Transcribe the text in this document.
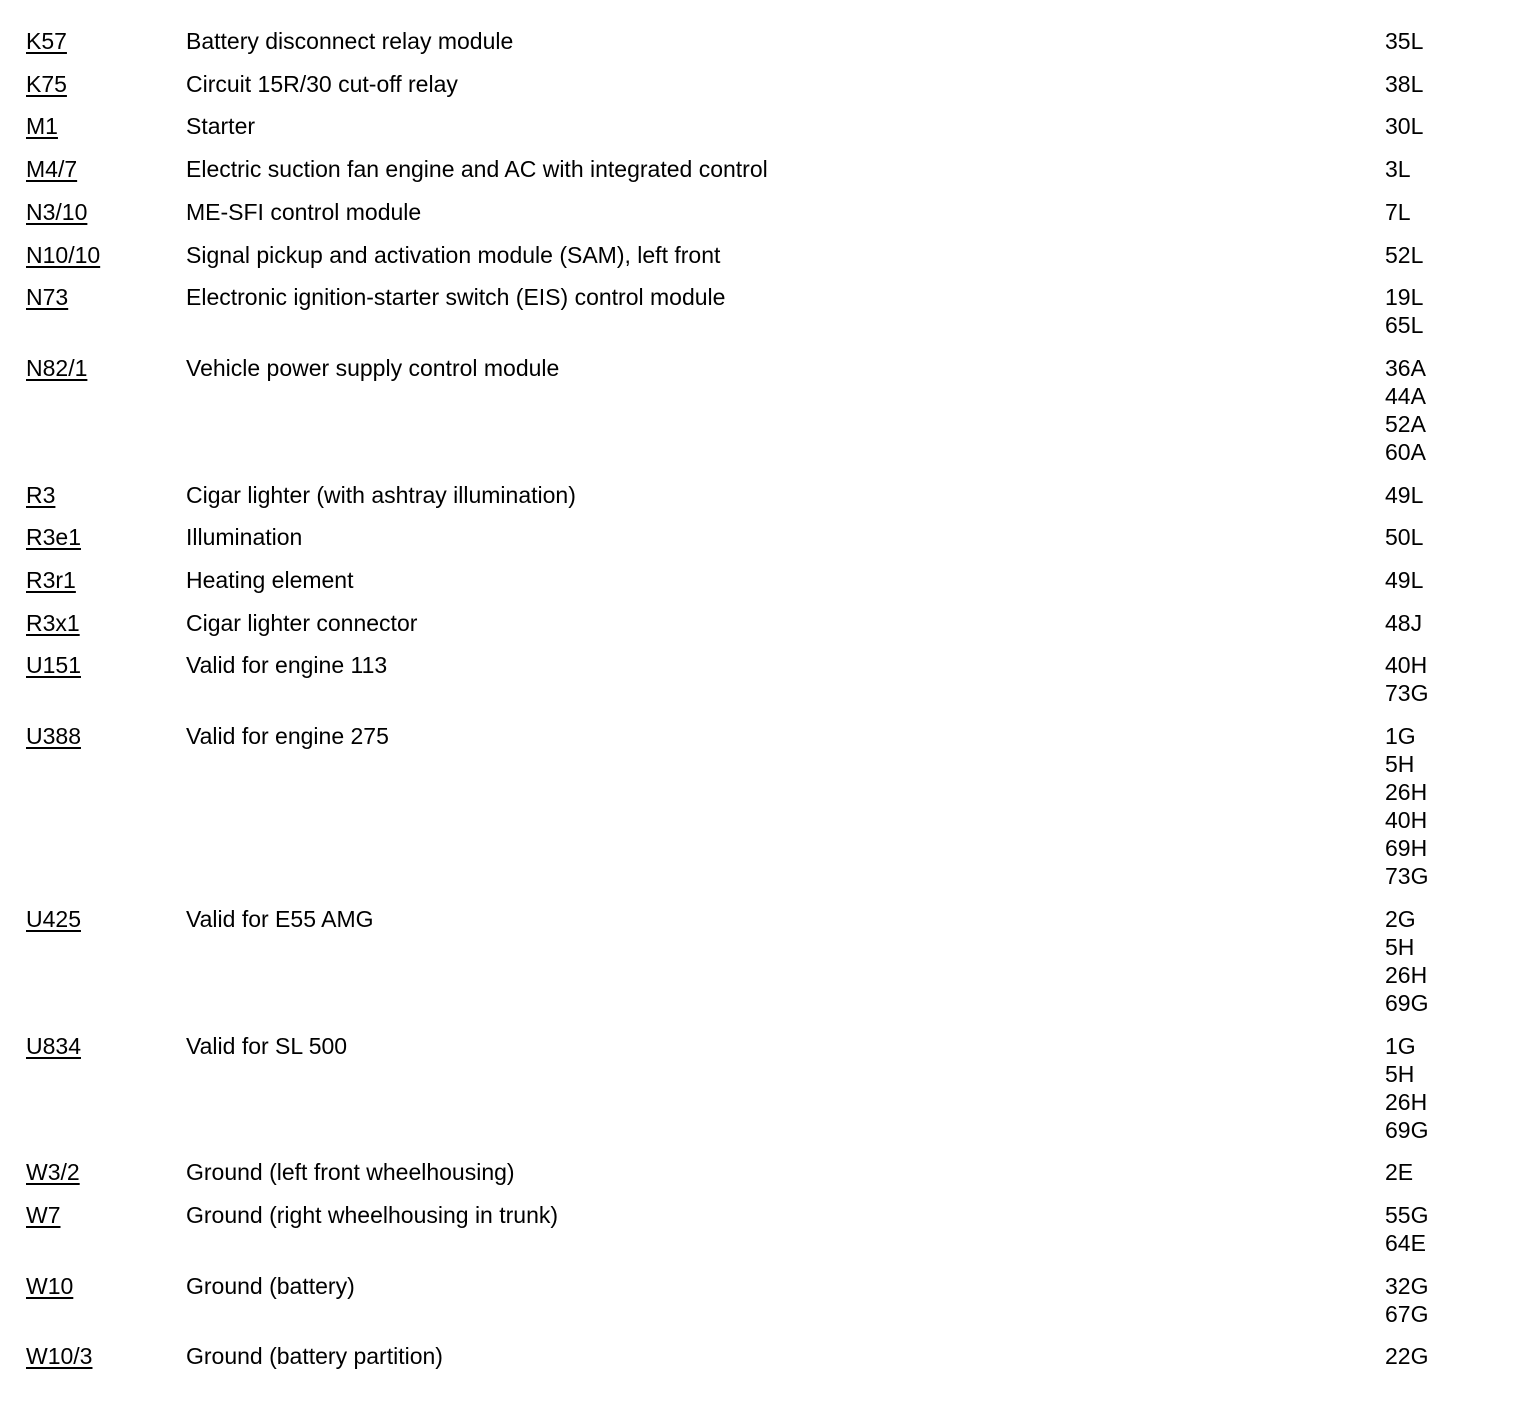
K57	Battery disconnect relay module	35L
K75	Circuit 15R/30 cut-off relay	38L
M1	Starter	30L
M4/7	Electric suction fan engine and AC with integrated control	3L
N3/10	ME-SFI control module	7L
N10/10	Signal pickup and activation module (SAM), left front	52L
N73	Electronic ignition-starter switch (EIS) control module	19L
65L
N82/1	Vehicle power supply control module	36A
44A
52A
60A
R3	Cigar lighter (with ashtray illumination)	49L
R3e1	Illumination	50L
R3r1	Heating element	49L
R3x1	Cigar lighter connector	48J
U151	Valid for engine 113	40H
73G
U388	Valid for engine 275	1G
5H
26H
40H
69H
73G
U425	Valid for E55 AMG	2G
5H
26H
69G
U834	Valid for SL 500	1G
5H
26H
69G
W3/2	Ground (left front wheelhousing)	2E
W7	Ground (right wheelhousing in trunk)	55G
64E
W10	Ground (battery)	32G
67G
W10/3	Ground (battery partition)	22G
